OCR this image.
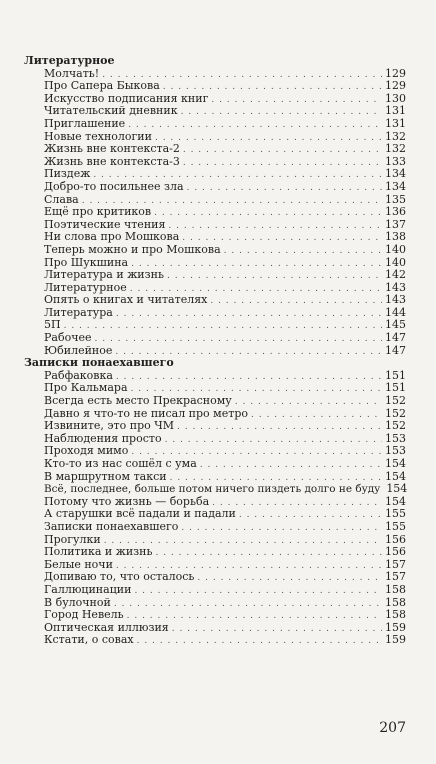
Литературное
Молчать! . . .	129
Про Сапера Быкова . . .	129
Искусство подписания книг . . .	130
Читательский дневник . . .	131
Приглашение . . .	131
Новые технологии . . .	132
Жизнь вне контекста-2 . . .	132
Жизнь вне контекста-3 . . .	133
Пиздеж . . .	134
Добро-то посильнее зла . . .	134
Слава . . .	135
Ещё про критиков . . .	136
Поэтические чтения . . .	137
Ни слова про Мошкова . . .	138
Теперь можно и про Мошкова . . .	140
Про Шукшина . . .	140
Литература и жизнь . . .	142
Литературное . . .	143
Опять о книгах и читателях . . .	143
Литература . . .	144
5П . . .	145
Рабочее . . .	147
Юбилейное . . .	147
Записки понаехавшего
Рабфаковка . . .	151
Про Кальмара . . .	151
Всегда есть место Прекрасному . . .	152
Давно я что-то не писал про метро . . .	152
Извините, это про ЧМ . . .	152
Наблюдения просто . . .	153
Проходя мимо . . .	153
Кто-то из нас сошёл с ума . . .	154
В маршрутном такси . . .	154
Всё, последнее, больше потом ничего пиздеть долго не буду 154
Потому что жизнь — борьба . . .	154
А старушки всё падали и падали . . .	155
Записки понаехавшего . . .	155
Прогулки . . .	156
Политика и жизнь . . .	156
Белые ночи . . .	157
Допиваю то, что осталось . . .	157
Галлюцинации . . .	158
В булочной . . .	158
Город Невель . . .	158
Оптическая иллюзия . . .	159
Кстати, о совах . . .	159
207
